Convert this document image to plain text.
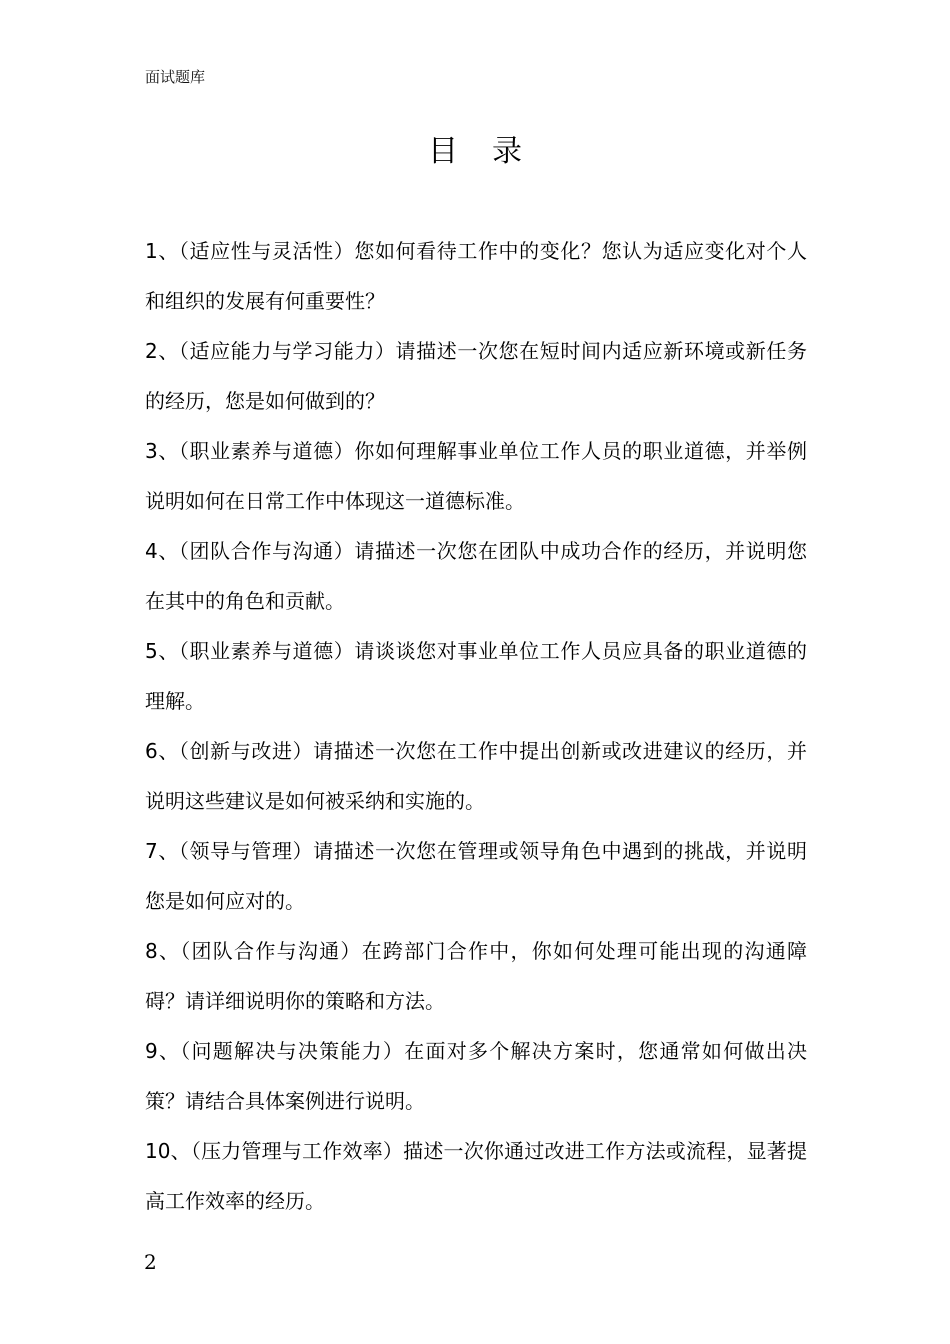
面试题库
目录
1、（适应性与灵活性）您如何看待工作中的变化？您认为适应变化对个人和组织的发展有何重要性？
2、（适应能力与学习能力）请描述一次您在短时间内适应新环境或新任务的经历，您是如何做到的？
3、（职业素养与道德）你如何理解事业单位工作人员的职业道德，并举例说明如何在日常工作中体现这一道德标准。
4、（团队合作与沟通）请描述一次您在团队中成功合作的经历，并说明您在其中的角色和贡献。
5、（职业素养与道德）请谈谈您对事业单位工作人员应具备的职业道德的理解。
6、（创新与改进）请描述一次您在工作中提出创新或改进建议的经历，并说明这些建议是如何被采纳和实施的。
7、（领导与管理）请描述一次您在管理或领导角色中遇到的挑战，并说明您是如何应对的。
8、（团队合作与沟通）在跨部门合作中，你如何处理可能出现的沟通障碍？请详细说明你的策略和方法。
9、（问题解决与决策能力）在面对多个解决方案时，您通常如何做出决策？请结合具体案例进行说明。
10、（压力管理与工作效率）描述一次你通过改进工作方法或流程，显著提高工作效率的经历。
2
